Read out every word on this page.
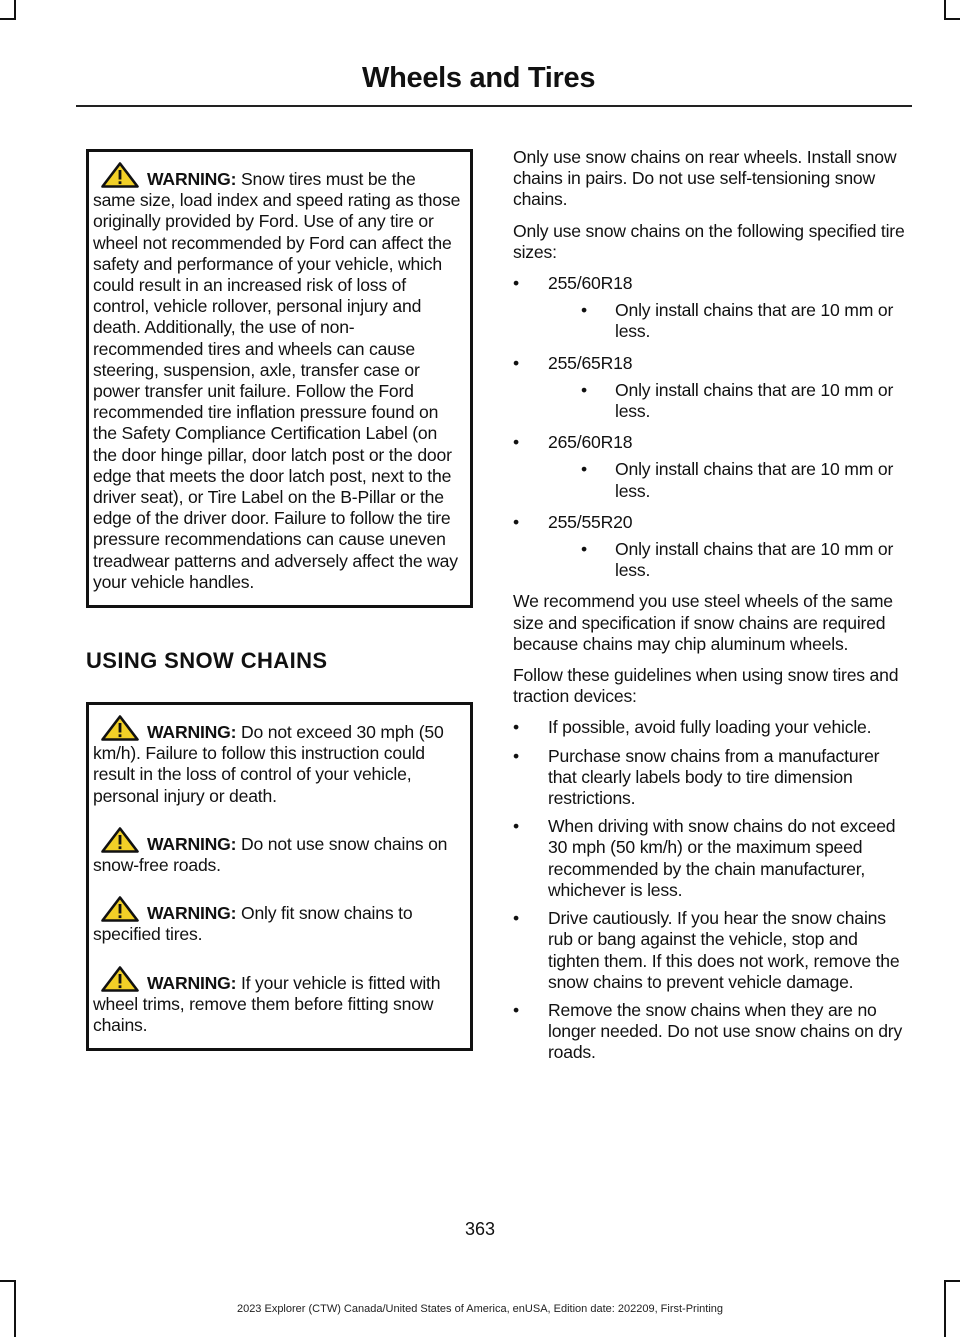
Wheels and Tires
WARNING: Snow tires must be the same size, load index and speed rating as those originally provided by Ford. Use of any tire or wheel not recommended by Ford can affect the safety and performance of your vehicle, which could result in an increased risk of loss of control, vehicle rollover, personal injury and death. Additionally, the use of non-recommended tires and wheels can cause steering, suspension, axle, transfer case or power transfer unit failure. Follow the Ford recommended tire inflation pressure found on the Safety Compliance Certification Label (on the door hinge pillar, door latch post or the door edge that meets the door latch post, next to the driver seat), or Tire Label on the B-Pillar or the edge of the driver door. Failure to follow the tire pressure recommendations can cause uneven treadwear patterns and adversely affect the way your vehicle handles.
USING SNOW CHAINS
WARNING: Do not exceed 30 mph (50 km/h). Failure to follow this instruction could result in the loss of control of your vehicle, personal injury or death.
WARNING: Do not use snow chains on snow-free roads.
WARNING: Only fit snow chains to specified tires.
WARNING: If your vehicle is fitted with wheel trims, remove them before fitting snow chains.

Only use snow chains on rear wheels. Install snow chains in pairs. Do not use self-tensioning snow chains.

Only use snow chains on the following specified tire sizes:

• 255/60R18
• Only install chains that are 10 mm or less.
• 255/65R18
• Only install chains that are 10 mm or less.
• 265/60R18
• Only install chains that are 10 mm or less.
• 255/55R20
• Only install chains that are 10 mm or less.

We recommend you use steel wheels of the same size and specification if snow chains are required because chains may chip aluminum wheels.

Follow these guidelines when using snow tires and traction devices:

• If possible, avoid fully loading your vehicle.
• Purchase snow chains from a manufacturer that clearly labels body to tire dimension restrictions.
• When driving with snow chains do not exceed 30 mph (50 km/h) or the maximum speed recommended by the chain manufacturer, whichever is less.
• Drive cautiously. If you hear the snow chains rub or bang against the vehicle, stop and tighten them. If this does not work, remove the snow chains to prevent vehicle damage.
• Remove the snow chains when they are no longer needed. Do not use snow chains on dry roads.
363
2023 Explorer (CTW) Canada/United States of America, enUSA, Edition date: 202209, First-Printing
